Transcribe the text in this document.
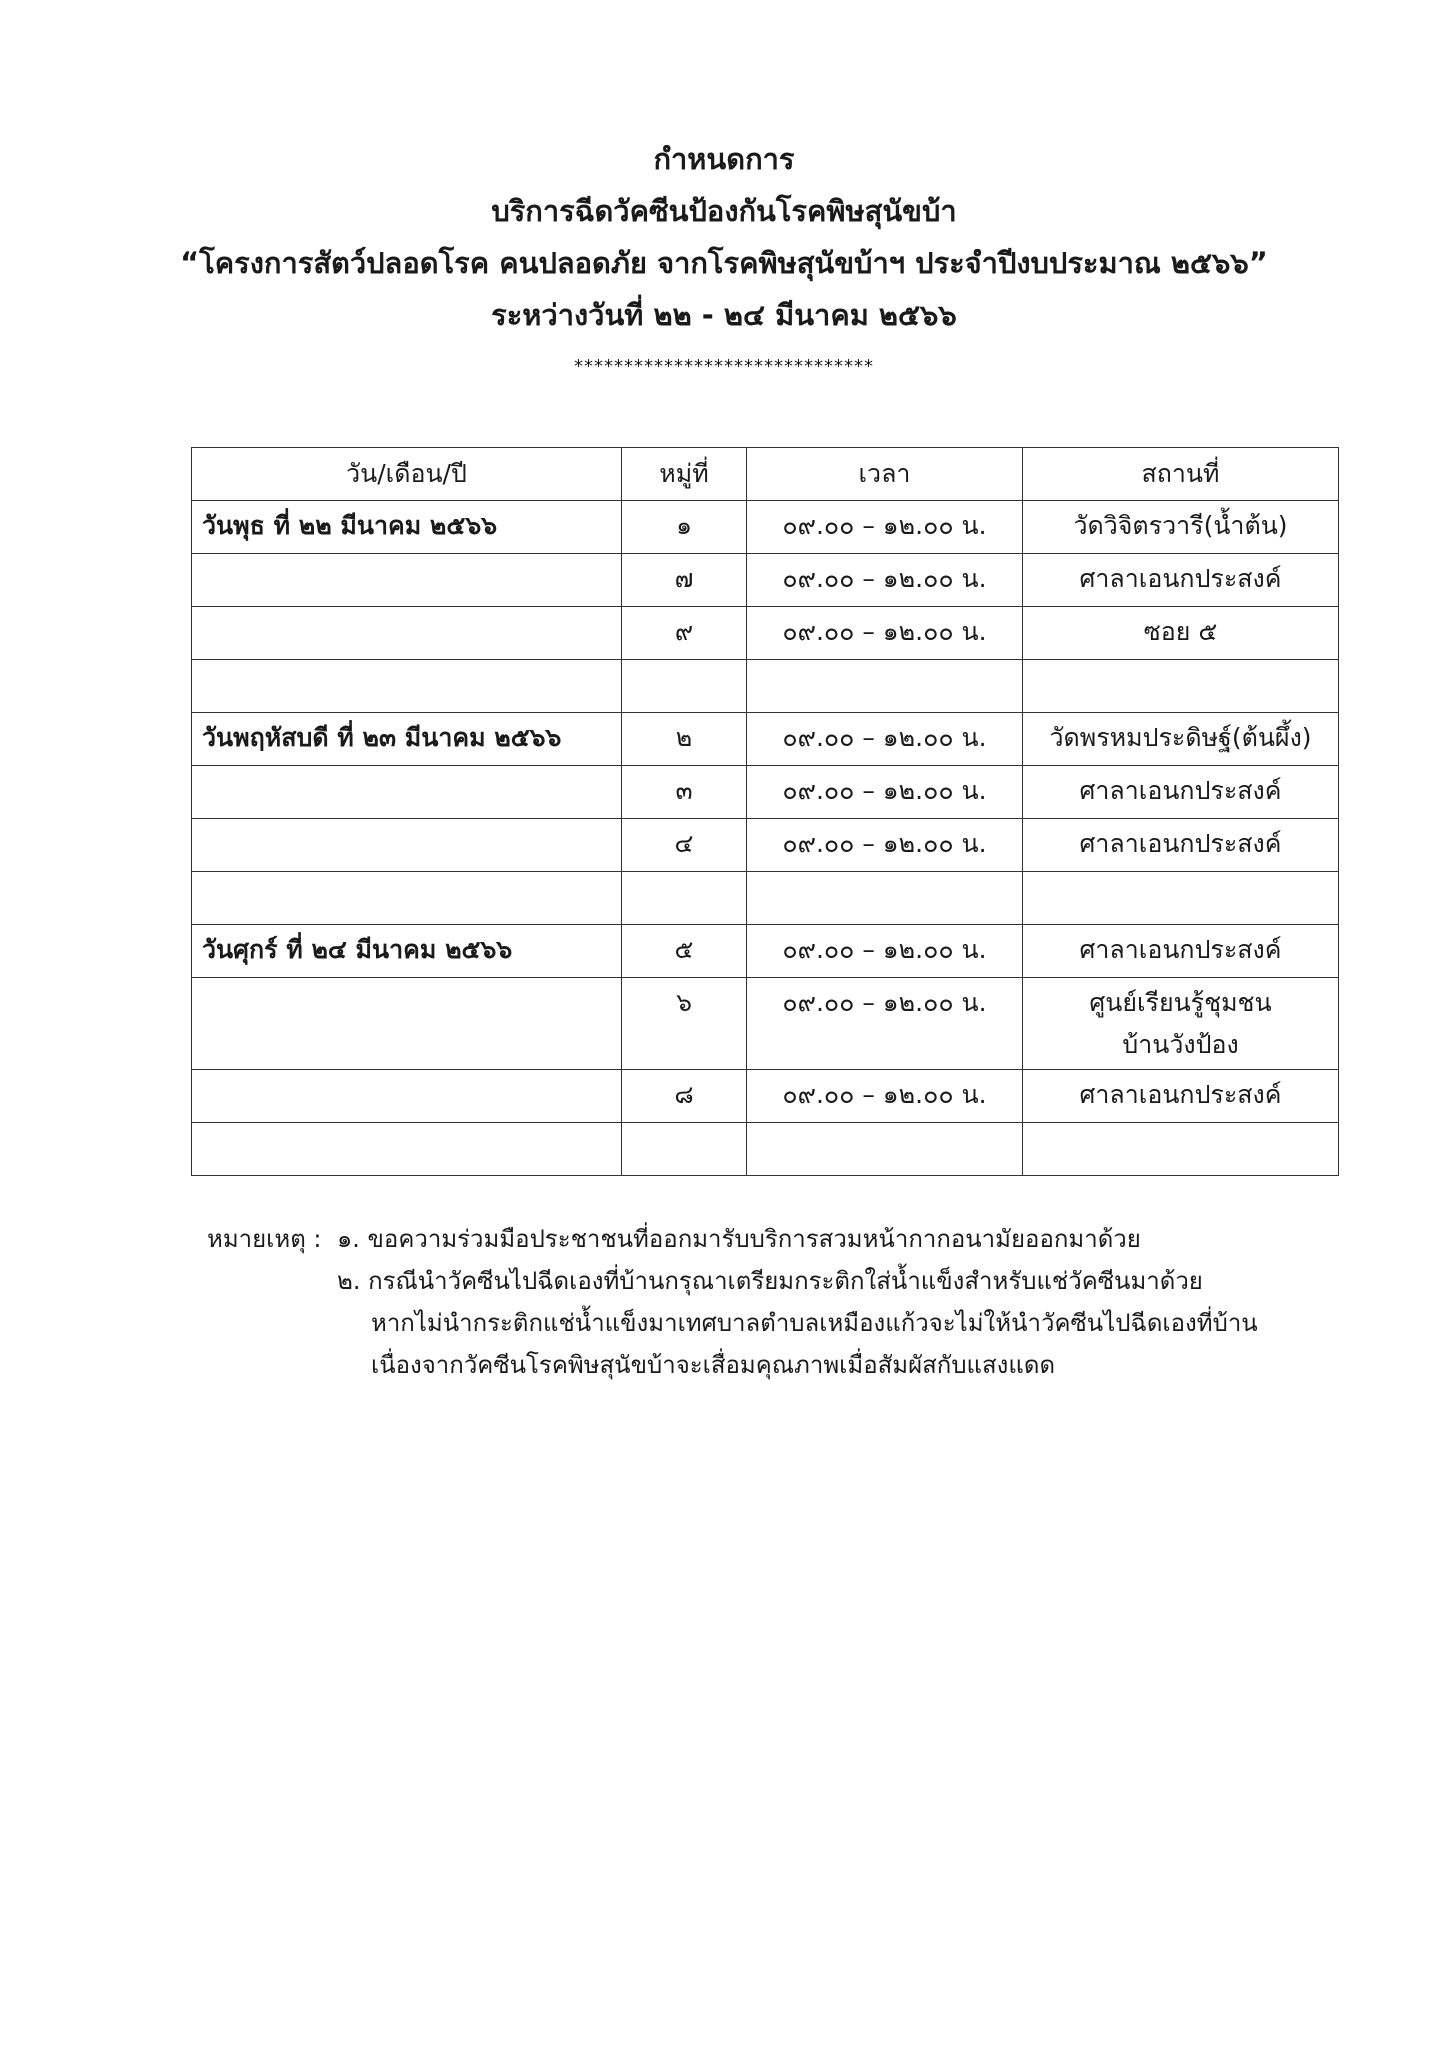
กำหนดการ
บริการฉีดวัคซีนป้องกันโรคพิษสุนัขบ้า
“โครงการสัตว์ปลอดโรค คนปลอดภัย จากโรคพิษสุนัขบ้าฯ ประจำปีงบประมาณ ๒๕๖๖”
ระหว่างวันที่ ๒๒ - ๒๔ มีนาคม ๒๕๖๖
******************************
วัน/เดือน/ปี	หมู่ที่	เวลา	สถานที่
วันพุธ ที่ ๒๒ มีนาคม ๒๕๖๖	๑	๐๙.๐๐ – ๑๒.๐๐ น.	วัดวิจิตรวารี(น้ำต้น)
	๗	๐๙.๐๐ – ๑๒.๐๐ น.	ศาลาเอนกประสงค์
	๙	๐๙.๐๐ – ๑๒.๐๐ น.	ซอย ๕

วันพฤหัสบดี ที่ ๒๓ มีนาคม ๒๕๖๖	๒	๐๙.๐๐ – ๑๒.๐๐ น.	วัดพรหมประดิษฐ์(ต้นผึ้ง)
	๓	๐๙.๐๐ – ๑๒.๐๐ น.	ศาลาเอนกประสงค์
	๔	๐๙.๐๐ – ๑๒.๐๐ น.	ศาลาเอนกประสงค์

วันศุกร์ ที่ ๒๔ มีนาคม ๒๕๖๖	๕	๐๙.๐๐ – ๑๒.๐๐ น.	ศาลาเอนกประสงค์
	๖	๐๙.๐๐ – ๑๒.๐๐ น.	ศูนย์เรียนรู้ชุมชน
บ้านวังป้อง

	๘	๐๙.๐๐ – ๑๒.๐๐ น.	ศาลาเอนกประสงค์

หมายเหตุ : ๑. ขอความร่วมมือประชาชนที่ออกมารับบริการสวมหน้ากากอนามัยออกมาด้วย
๒. กรณีนำวัคซีนไปฉีดเองที่บ้านกรุณาเตรียมกระติกใส่น้ำแข็งสำหรับแช่วัคซีนมาด้วย
หากไม่นำกระติกแช่น้ำแข็งมาเทศบาลตำบลเหมืองแก้วจะไม่ให้นำวัคซีนไปฉีดเองที่บ้าน
เนื่องจากวัคซีนโรคพิษสุนัขบ้าจะเสื่อมคุณภาพเมื่อสัมผัสกับแสงแดด
